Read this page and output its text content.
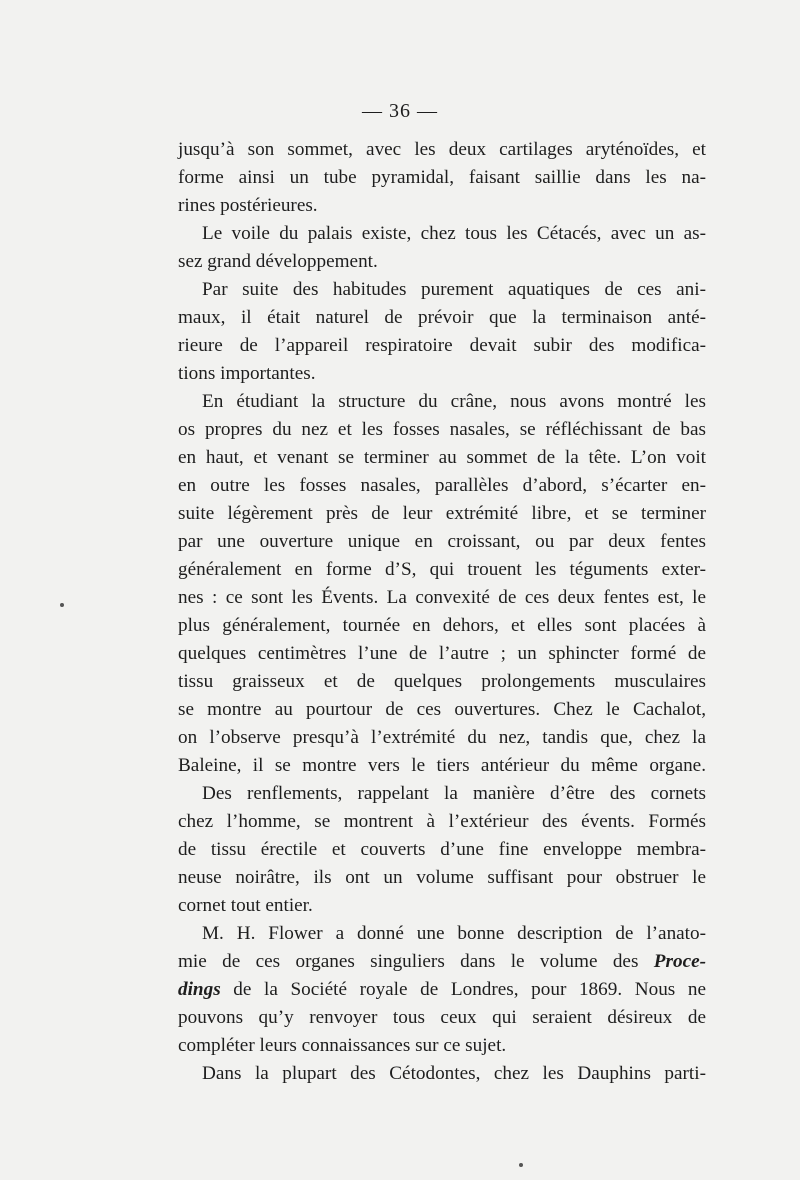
— 36 —
jusqu’à son sommet, avec les deux cartilages aryténoïdes, et
forme ainsi un tube pyramidal, faisant saillie dans les na-
rines postérieures.
Le voile du palais existe, chez tous les Cétacés, avec un as-
sez grand développement.
Par suite des habitudes purement aquatiques de ces ani-
maux, il était naturel de prévoir que la terminaison anté-
rieure de l’appareil respiratoire devait subir des modifica-
tions importantes.
En étudiant la structure du crâne, nous avons montré les
os propres du nez et les fosses nasales, se réfléchissant de bas
en haut, et venant se terminer au sommet de la tête. L’on voit
en outre les fosses nasales, parallèles d’abord, s’écarter en-
suite légèrement près de leur extrémité libre, et se terminer
par une ouverture unique en croissant, ou par deux fentes
généralement en forme d’S, qui trouent les téguments exter-
nes : ce sont les Évents. La convexité de ces deux fentes est, le
plus généralement, tournée en dehors, et elles sont placées à
quelques centimètres l’une de l’autre ; un sphincter formé de
tissu graisseux et de quelques prolongements musculaires
se montre au pourtour de ces ouvertures. Chez le Cachalot,
on l’observe presqu’à l’extrémité du nez, tandis que, chez la
Baleine, il se montre vers le tiers antérieur du même organe.
Des renflements, rappelant la manière d’être des cornets
chez l’homme, se montrent à l’extérieur des évents. Formés
de tissu érectile et couverts d’une fine enveloppe membra-
neuse noirâtre, ils ont un volume suffisant pour obstruer le
cornet tout entier.
M. H. Flower a donné une bonne description de l’anato-
mie de ces organes singuliers dans le volume des Proce-
dings de la Société royale de Londres, pour 1869. Nous ne
pouvons qu’y renvoyer tous ceux qui seraient désireux de
compléter leurs connaissances sur ce sujet.
Dans la plupart des Cétodontes, chez les Dauphins parti-
